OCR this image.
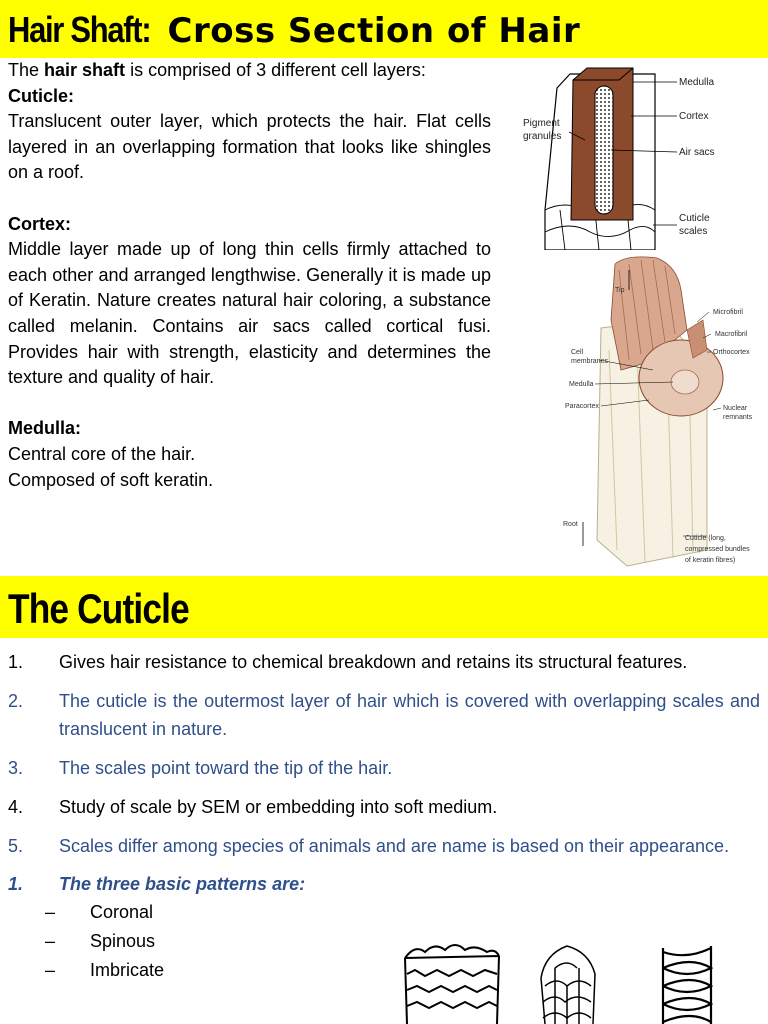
Hair Shaft: Cross Section of Hair

The hair shaft is comprised of 3 different cell layers:

Cuticle:

Translucent outer layer, which protects the hair. Flat cells layered in an overlapping formation that looks like shingles on a roof.

Cortex:

Middle layer made up of long thin cells firmly attached to each other and arranged lengthwise. Generally it is made up of Keratin. Nature creates natural hair coloring, a substance called melanin. Contains air sacs called cortical fusi. Provides hair with strength, elasticity and determines the texture and quality of hair.

Medulla:

Central core of the hair.

Composed of soft keratin.

Medulla
Cortex
Air sacs
Cuticle
scales
Pigment
granules
Tip
Microfibril
Macrofibril
Orthocortex
Cell
membranes
Medulla
Paracortex	Nuclear
remnants
Root
Cuticle (long,
compressed bundles
of keratin fibres)
The Cuticle
1. Gives hair resistance to chemical breakdown and retains its structural features.
2. The cuticle is the outermost layer of hair which is covered with overlapping scales and translucent in nature.
3. The scales point toward the tip of the hair.
4. Study of scale by SEM or embedding into soft medium.
5. Scales differ among species of animals and are name is based on their appearance.
1. The three basic patterns are:
– Coronal
– Spinous
– Imbricate
